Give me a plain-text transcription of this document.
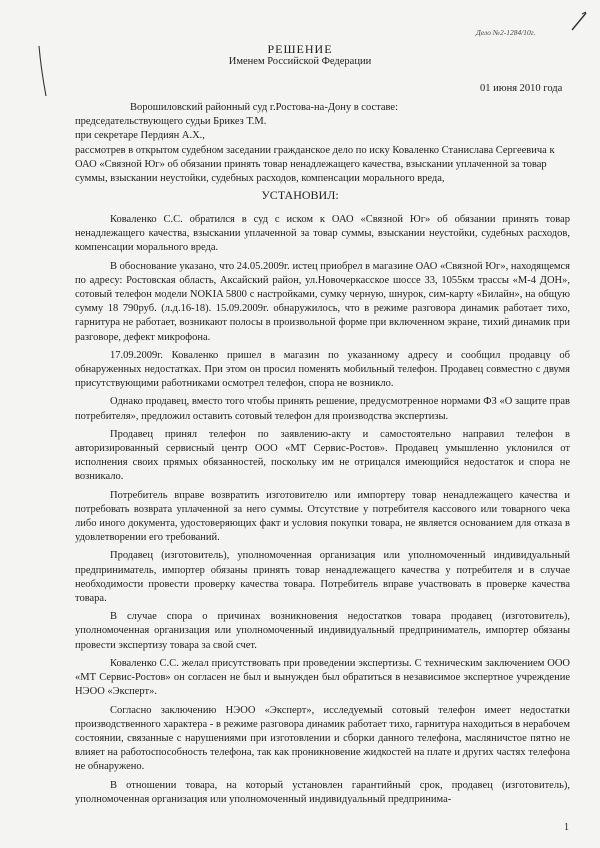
Дело №2-1284/10г.
РЕШЕНИЕ
Именем Российской Федерации
01 июня 2010 года

Ворошиловский районный суд г.Ростова-на-Дону в составе:

председательствующего судьи Брикез Т.М.

при секретаре Пердиян А.Х.,

рассмотрев в открытом судебном заседании гражданское дело по иску Коваленко Станислава Сергеевича к ОАО «Связной Юг» об обязании принять товар ненадлежащего качества, взыскании уплаченной за товар суммы, взыскании неустойки, судебных расходов, компенсации морального вреда,

УСТАНОВИЛ:

Коваленко С.С. обратился в суд с иском к ОАО «Связной Юг» об обязании принять товар ненадлежащего качества, взыскании уплаченной за товар суммы, взыскании неустойки, судебных расходов, компенсации морального вреда.

В обоснование указано, что 24.05.2009г. истец приобрел в магазине ОАО «Связной Юг», находящемся по адресу: Ростовская область, Аксайский район, ул.Новочеркасское шоссе 33, 1055км трассы «М-4 ДОН», сотовый телефон модели NOKIA 5800 с настройками, сумку черную, шнурок, сим-карту «Билайн», на общую сумму 18 790руб. (л.д.16-18). 15.09.2009г. обнаружилось, что в режиме разговора динамик работает тихо, гарнитура не работает, возникают полосы в произвольной форме при включенном экране, тихий динамик при разговоре, дефект микрофона.

17.09.2009г. Коваленко пришел в магазин по указанному адресу и сообщил продавцу об обнаруженных недостатках. При этом он просил поменять мобильный телефон. Продавец совместно с двумя присутствующими работниками осмотрел телефон, спора не возникло.

Однако продавец, вместо того чтобы принять решение, предусмотренное нормами ФЗ «О защите прав потребителя», предложил оставить сотовый телефон для производства экспертизы.

Продавец принял телефон по заявлению-акту и самостоятельно направил телефон в авторизированный сервисный центр ООО «МТ Сервис-Ростов». Продавец умышленно уклонился от исполнения своих прямых обязанностей, поскольку им не отрицался имеющийся недостаток и спора не возникало.

Потребитель вправе возвратить изготовителю или импортеру товар ненадлежащего качества и потребовать возврата уплаченной за него суммы. Отсутствие у потребителя кассового или товарного чека либо иного документа, удостоверяющих факт и условия покупки товара, не является основанием для отказа в удовлетворении его требований.

Продавец (изготовитель), уполномоченная организация или уполномоченный индивидуальный предприниматель, импортер обязаны принять товар ненадлежащего качества у потребителя и в случае необходимости провести проверку качества товара. Потребитель вправе участвовать в проверке качества товара.

В случае спора о причинах возникновения недостатков товара продавец (изготовитель), уполномоченная организация или уполномоченный индивидуальный предприниматель, импортер обязаны провести экспертизу товара за свой счет.

Коваленко С.С. желал присутствовать при проведении экспертизы. С техническим заключением ООО «МТ Сервис-Ростов» он согласен не был и вынужден был обратиться в независимое экспертное учреждение НЭОО «Эксперт».

Согласно заключению НЭОО «Эксперт», исследуемый сотовый телефон имеет недостатки производственного характера - в режиме разговора динамик работает тихо, гарнитура находиться в нерабочем состоянии, связанные с нарушениями при изготовлении и сборки данного телефона, масляничстое пятно не влияет на работоспособность телефона, так как проникновение жидкостей на плате и других частях телефона не обнаружено.

В отношении товара, на который установлен гарантийный срок, продавец (изготовитель), уполномоченная организация или уполномоченный индивидуальный предпринима-

1
